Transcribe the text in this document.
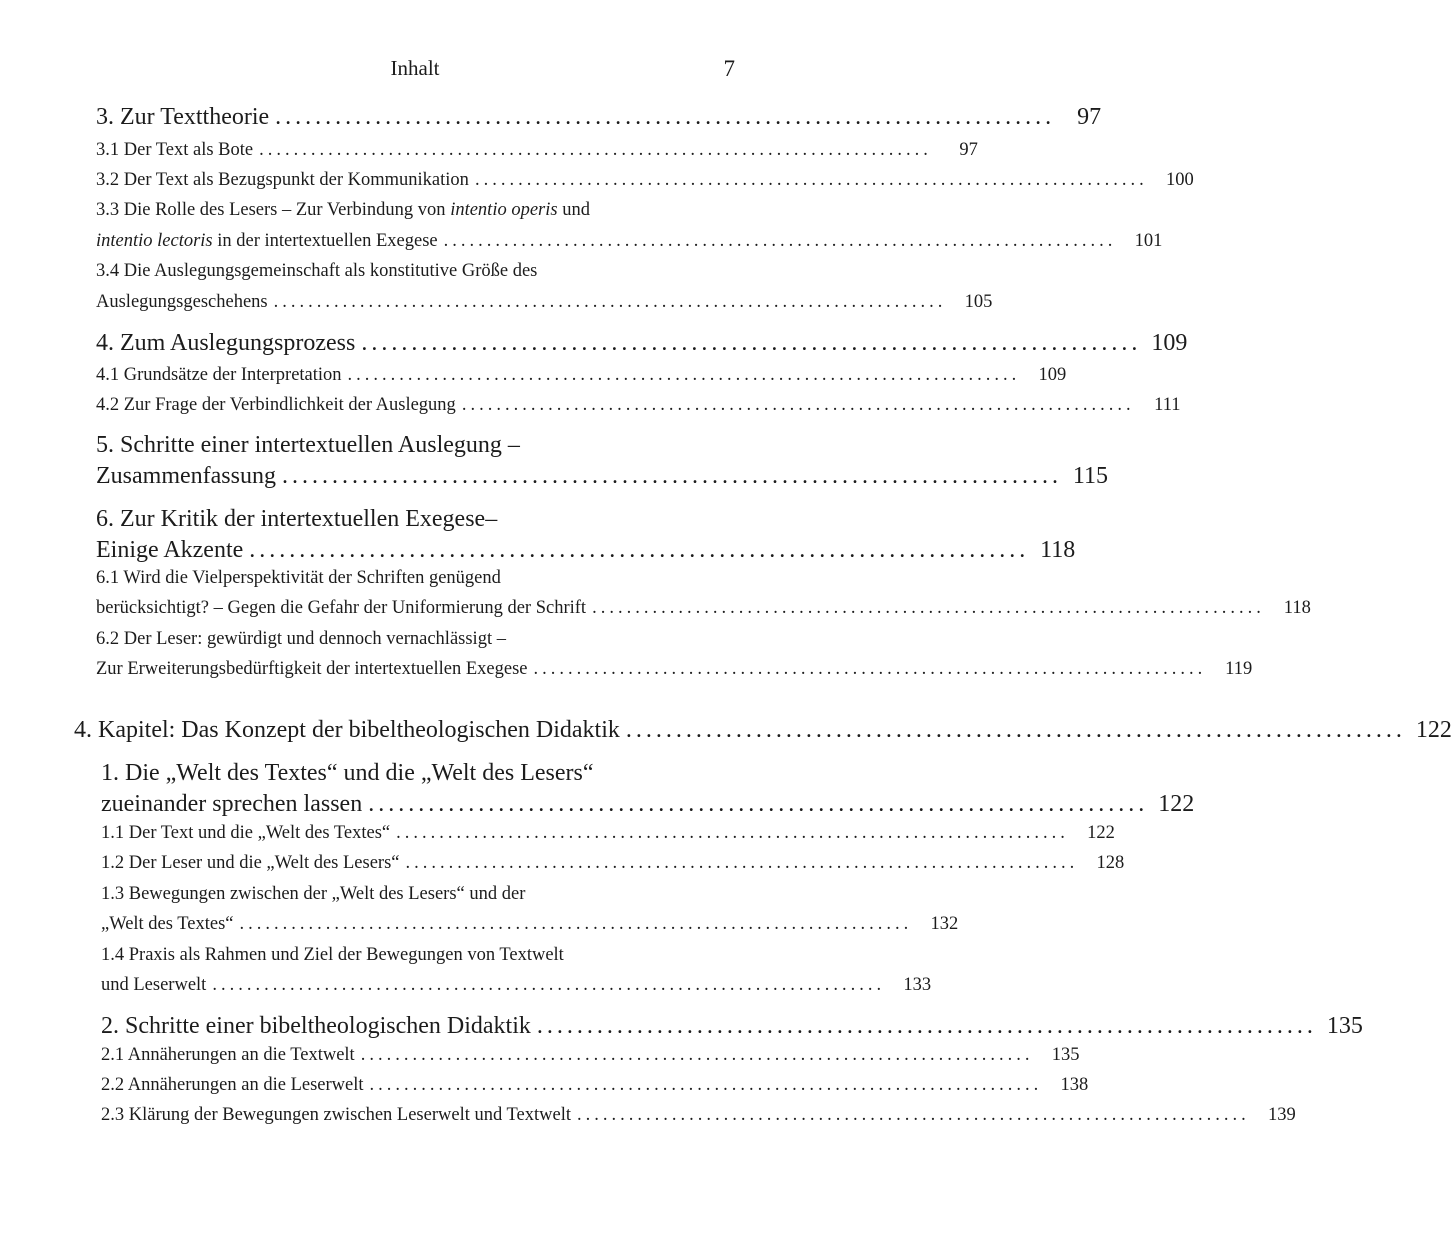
Inhalt	7
3. Zur Texttheorie .............................................................................. 97
3.1 Der Text als Bote ..............................................................................	97
3.2 Der Text als Bezugspunkt der Kommunikation .............................................................................. 100
3.3 Die Rolle des Lesers – Zur Verbindung von intentio operis und
intentio lectoris in der intertextuellen Exegese .............................................................................. 101
3.4 Die Auslegungsgemeinschaft als konstitutive Größe des
Auslegungsgeschehens .............................................................................. 105
4. Zum Auslegungsprozess .............................................................................. 109
4.1 Grundsätze der Interpretation .............................................................................. 109
4.2 Zur Frage der Verbindlichkeit der Auslegung ..............................................................................	111
5. Schritte einer intertextuellen Auslegung –
Zusammenfassung .............................................................................. 115
6. Zur Kritik der intertextuellen Exegese–
Einige Akzente .............................................................................. 118
6.1 Wird die Vielperspektivität der Schriften genügend
berücksichtigt? – Gegen die Gefahr der Uniformierung der Schrift ..............................................................................	118
6.2 Der Leser: gewürdigt und dennoch vernachlässigt –
Zur Erweiterungsbedürftigkeit der intertextuellen Exegese ..............................................................................	119
4. Kapitel: Das Konzept der bibeltheologischen Didaktik .............................................................................. 122
1. Die „Welt des Textes“ und die „Welt des Lesers“
zueinander sprechen lassen .............................................................................. 122
1.1 Der Text und die „Welt des Textes“ .............................................................................. 122
1.2 Der Leser und die „Welt des Lesers“ .............................................................................. 128
1.3 Bewegungen zwischen der „Welt des Lesers“ und der
„Welt des Textes“ .............................................................................. 132
1.4 Praxis als Rahmen und Ziel der Bewegungen von Textwelt
und Leserwelt .............................................................................. 133
2. Schritte einer bibeltheologischen Didaktik .............................................................................. 135
2.1 Annäherungen an die Textwelt .............................................................................. 135
2.2 Annäherungen an die Leserwelt .............................................................................. 138
2.3 Klärung der Bewegungen zwischen Leserwelt und Textwelt .............................................................................. 139
